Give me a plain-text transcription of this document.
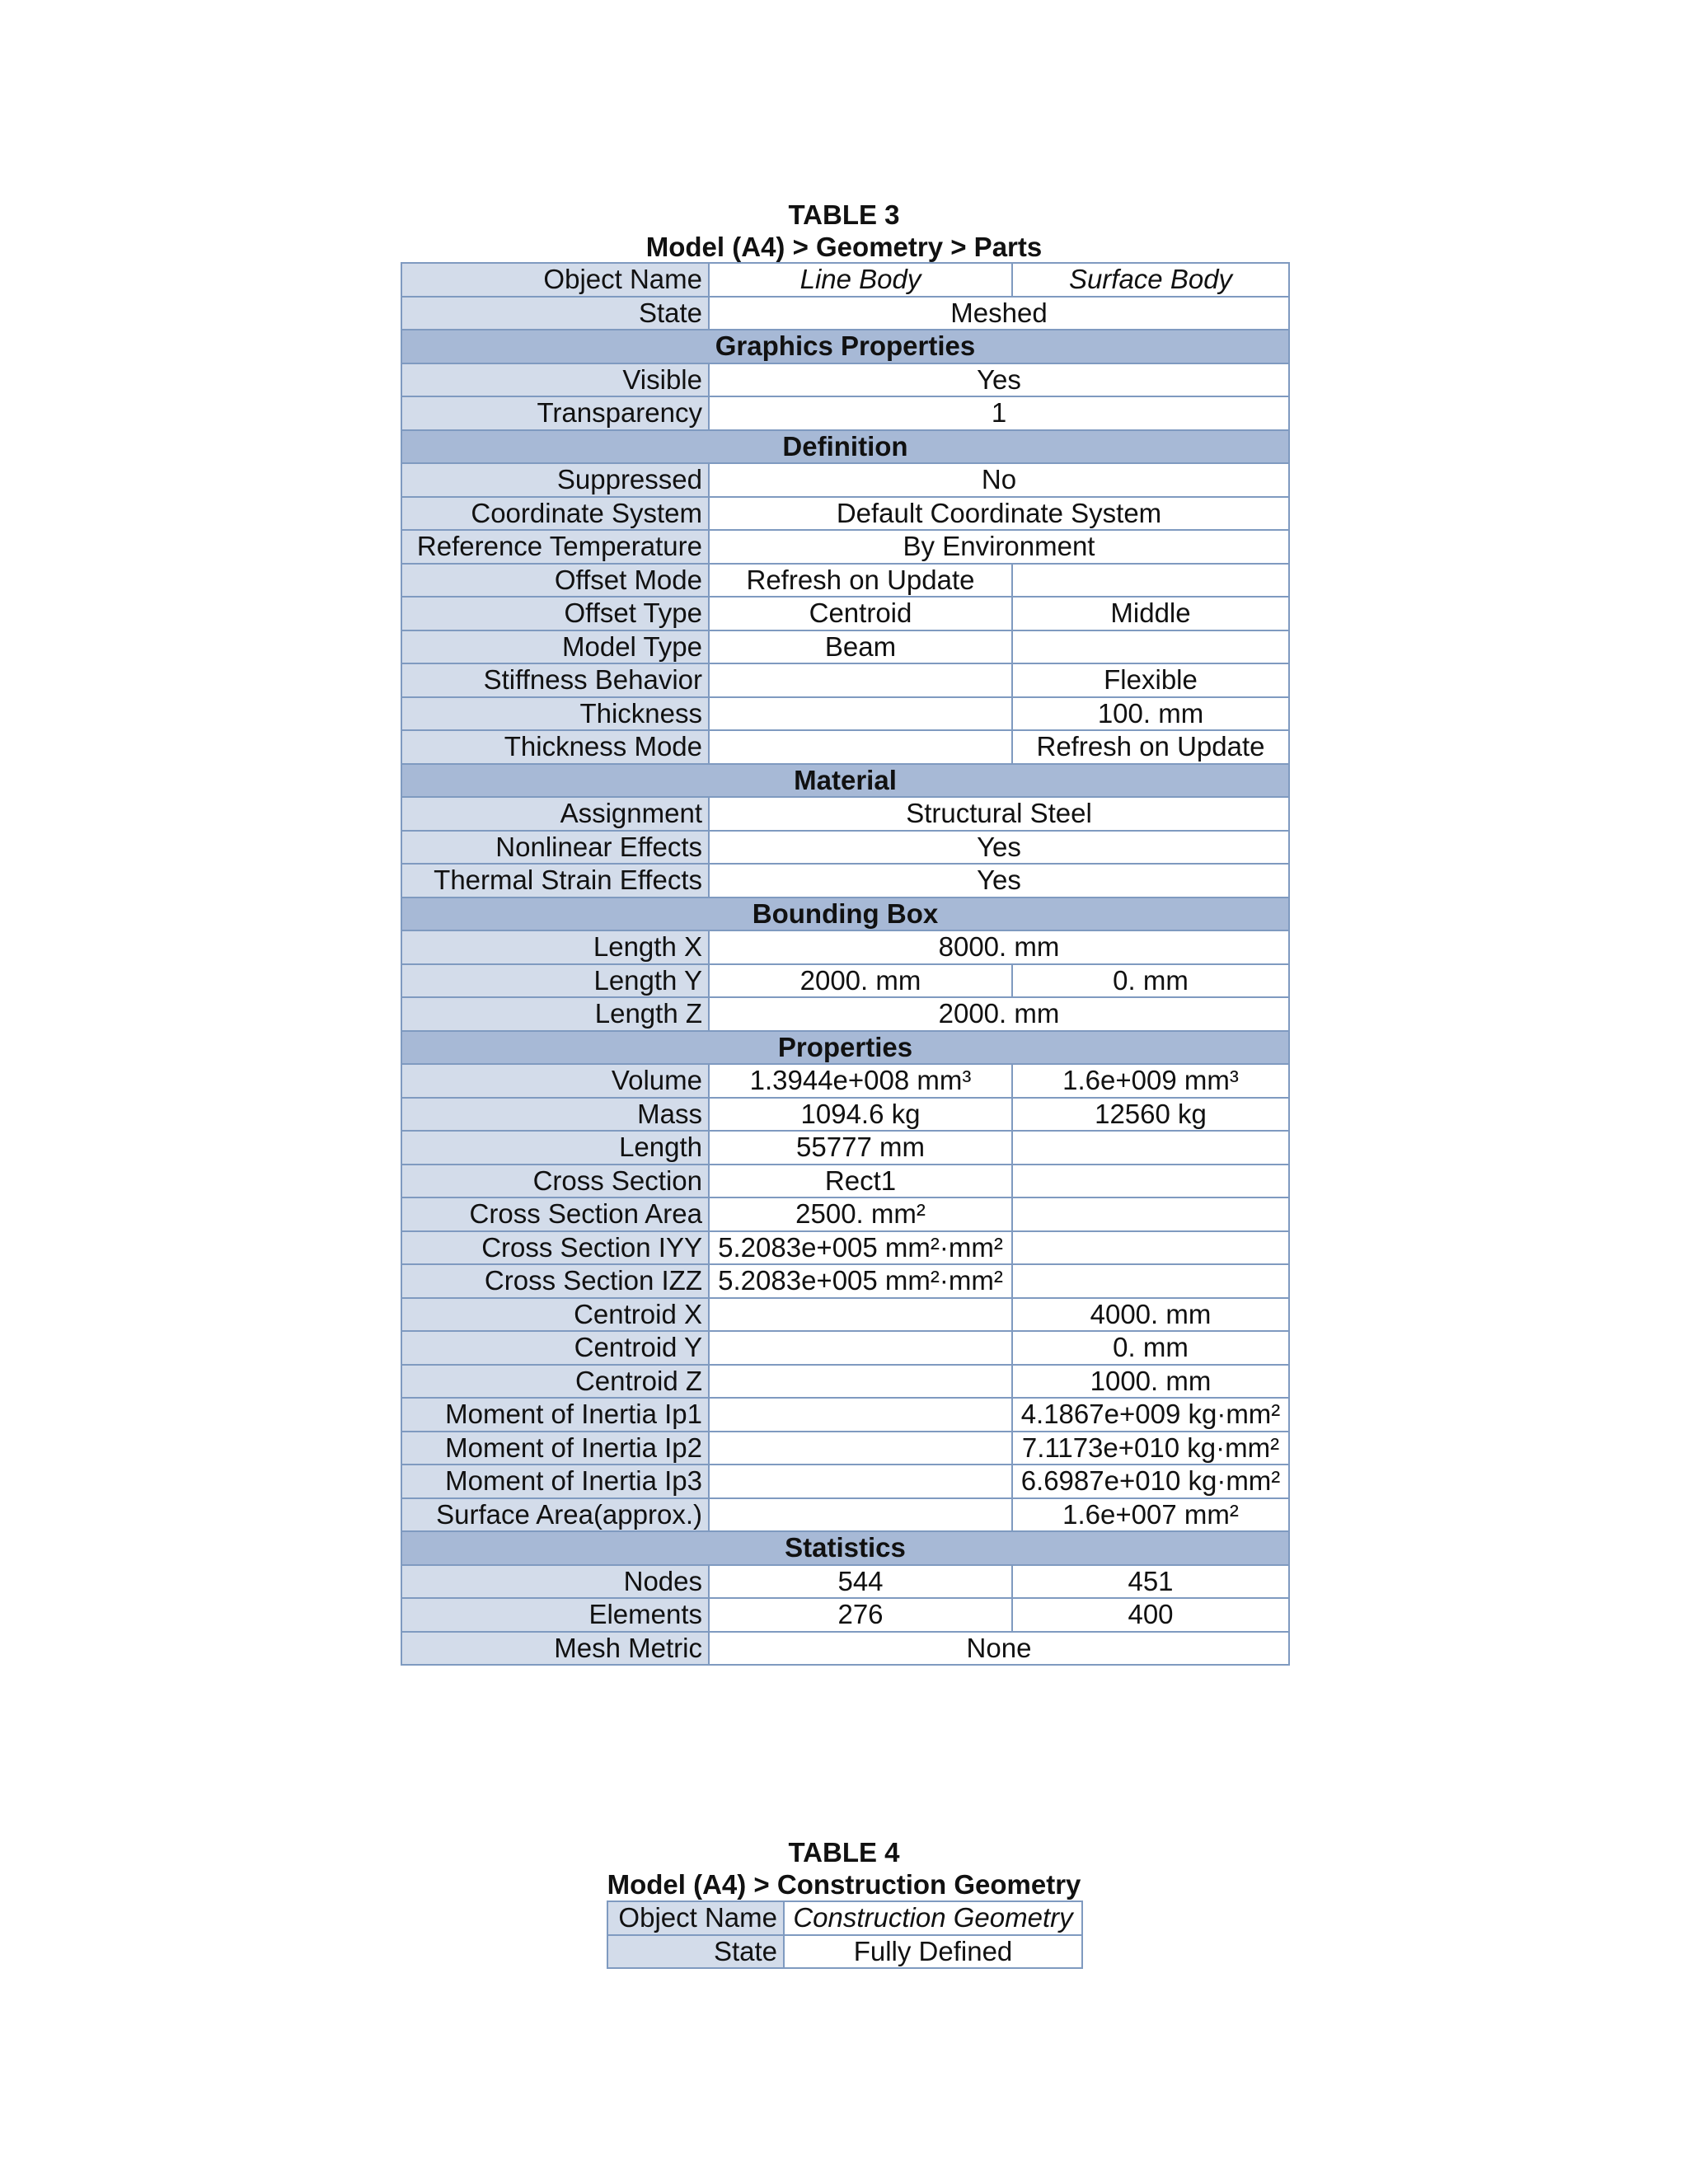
TABLE 3
Model (A4) > Geometry > Parts
Object Name	Line Body	Surface Body
State	Meshed	
Graphics Properties		
Visible	Yes	
Transparency	1	
Definition		
Suppressed	No	
Coordinate System	Default Coordinate System	
Reference Temperature	By Environment	
Offset Mode	Refresh on Update	
Offset Type	Centroid	Middle
Model Type	Beam	
Stiffness Behavior		Flexible
Thickness		100. mm
Thickness Mode		Refresh on Update
Material		
Assignment	Structural Steel	
Nonlinear Effects	Yes	
Thermal Strain Effects	Yes	
Bounding Box		
Length X	8000. mm	
Length Y	2000. mm	0. mm
Length Z	2000. mm	
Properties		
Volume	1.3944e+008 mm³	1.6e+009 mm³
Mass	1094.6 kg	12560 kg
Length	55777 mm	
Cross Section	Rect1	
Cross Section Area	2500. mm²	
Cross Section IYY	5.2083e+005 mm²·mm²	
Cross Section IZZ	5.2083e+005 mm²·mm²	
Centroid X		4000. mm
Centroid Y		0. mm
Centroid Z		1000. mm
Moment of Inertia Ip1		4.1867e+009 kg·mm²
Moment of Inertia Ip2		7.1173e+010 kg·mm²
Moment of Inertia Ip3		6.6987e+010 kg·mm²
Surface Area(approx.)		1.6e+007 mm²
Statistics		
Nodes	544	451
Elements	276	400
Mesh Metric	None	
TABLE 4
Model (A4) > Construction Geometry
Object Name	Construction Geometry
State	Fully Defined
